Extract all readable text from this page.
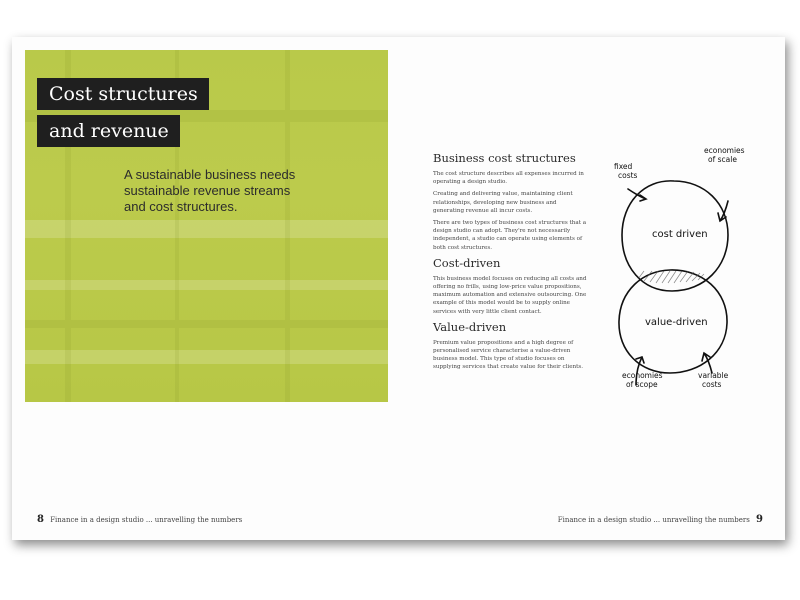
Cost structures
and revenue
A sustainable business needs sustainable revenue streams and cost structures.
Business cost structures

The cost structure describes all expenses incurred in operating a design studio.

Creating and delivering value, maintaining client relationships, developing new business and generating revenue all incur costs.

There are two types of business cost structures that a design studio can adopt. They're not necessarily independent, a studio can operate using elements of both cost structures.

Cost-driven

This business model focuses on reducing all costs and offering no frills, using low-price value propositions, maximum automation and extensive outsourcing. One example of this model would be to supply online services with very little client contact.

Value-driven

Premium value propositions and a high degree of personalised service characterise a value-driven business model. This type of studio focuses on supplying services that create value for their clients.

cost driven
value-driven
fixed
costs
economies
of scale
economies
of scope
variable
costs
8 Finance in a design studio ... unravelling the numbers	Finance in a design studio ... unravelling the numbers 9
